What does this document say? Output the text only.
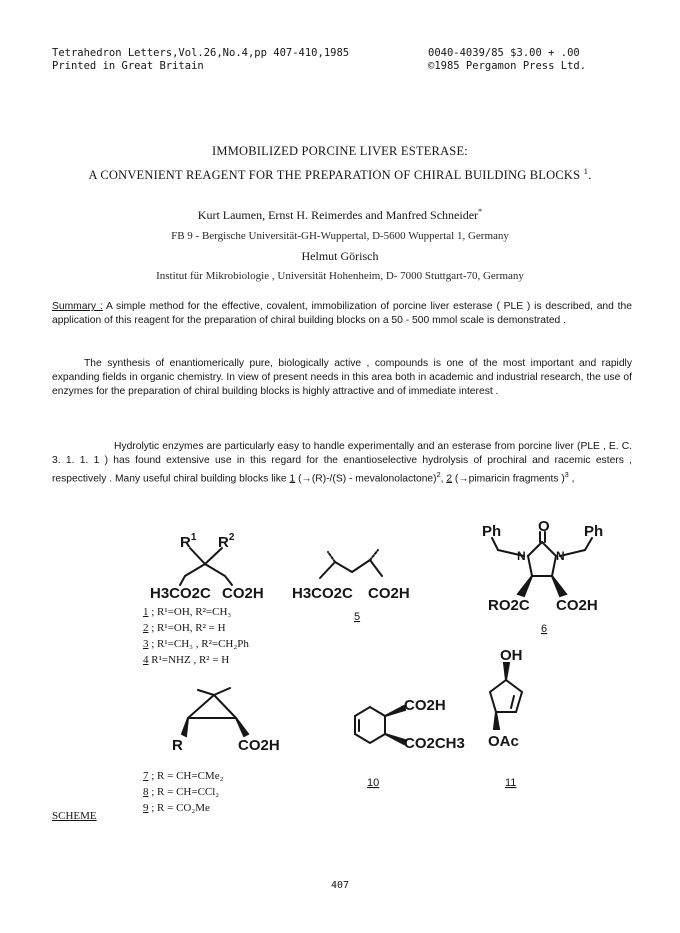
Tetrahedron Letters,Vol.26,No.4,pp 407-410,1985
Printed in Great Britain
0040-4039/85 $3.00 + .00
©1985 Pergamon Press Ltd.
IMMOBILIZED PORCINE LIVER ESTERASE:
A CONVENIENT REAGENT FOR THE PREPARATION OF CHIRAL BUILDING BLOCKS $^1$.
Kurt Laumen, Ernst H. Reimerdes and Manfred Schneider*
FB 9 - Bergische Universität-GH-Wuppertal, D-5600 Wuppertal 1, Germany
Helmut Görisch
Institut für Mikrobiologie , Universität Hohenheim, D- 7000 Stuttgart-70, Germany
Summary : A simple method for the effective, covalent, immobilization of porcine liver esterase ( PLE ) is described, and the application of this reagent for the preparation of chiral building blocks on a 50 - 500 mmol scale is demonstrated .
The synthesis of enantiomerically pure, biologically active , compounds is one of the most important and rapidly expanding fields in organic chemistry. In view of present needs in this area both in academic and industrial research, the use of enzymes for the preparation of chiral building blocks is highly attractive and of immediate interest .
Hydrolytic enzymes are particularly easy to handle experimentally and an esterase from porcine liver (PLE , E. C. 3. 1. 1. 1 ) has found extensive use in this regard for the enantioselective hydrolysis of prochiral and racemic esters , respectively . Many useful chiral building blocks like 1 (→(R)-/(S) - mevalonolactone)$^2$, 2 (→pimaricin fragments )$^3$ ,
$R^1$ $R^2$
H3CO2C CO2H H3CO2C CO2H
Ph	Ph
O
N	N
RO2C CO2H
R	CO2H
CO2H
CO2CH3
OH
OAc
5
6
10	11
1 ; R¹=OH, R²=CH₃
2 ; R¹=OH, R² = H
3 ; R¹=CH₃ , R²=CH₂Ph
4 R¹=NHZ , R² = H
7 ; R = CH=CMe₂
8 ; R = CH=CCl₂
9 ; R = CO₂Me
SCHEME
407
